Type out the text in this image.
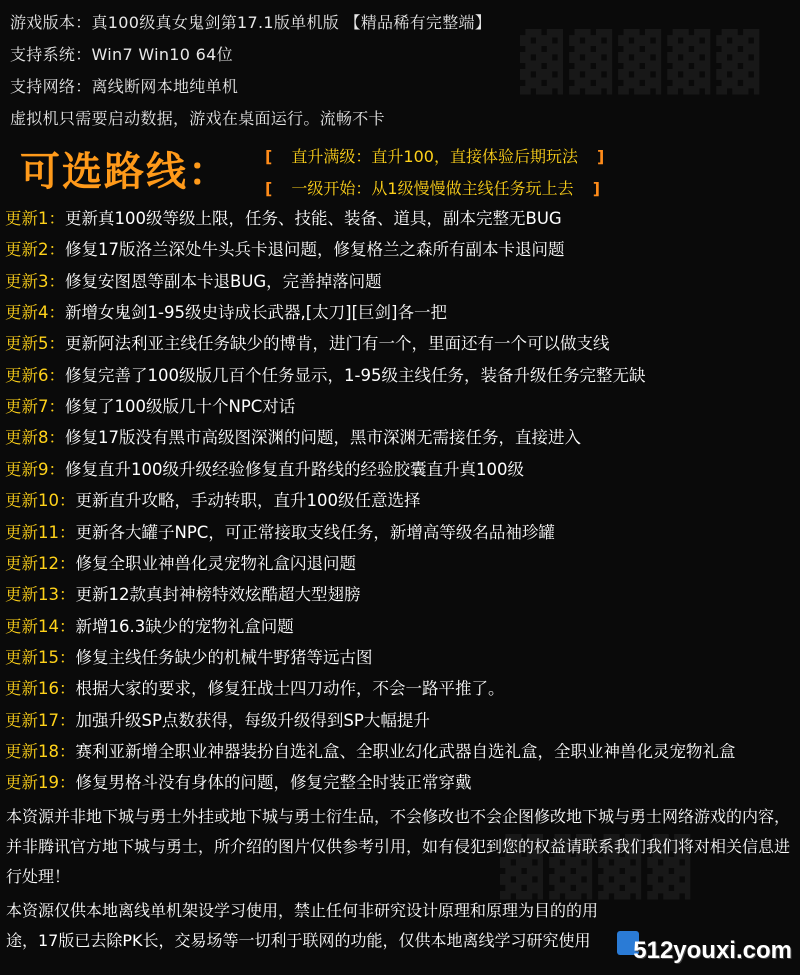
▓▓▓▓▓
▓▓▓▓
游戏版本：真100级真女鬼剑第17.1版单机版 【精品稀有完整端】
支持系统：Win7 Win10 64位
支持网络：离线断网本地纯单机
虚拟机只需要启动数据，游戏在桌面运行。流畅不卡
可选路线： [ 直升满级：直升100，直接体验后期玩法 ]
[ 一级开始：从1级慢慢做主线任务玩上去 ]
更新1：更新真100级等级上限，任务、技能、装备、道具，副本完整无BUG
更新2：修复17版洛兰深处牛头兵卡退问题，修复格兰之森所有副本卡退问题
更新3：修复安图恩等副本卡退BUG，完善掉落问题
更新4：新增女鬼剑1-95级史诗成长武器,[太刀][巨剑]各一把
更新5：更新阿法利亚主线任务缺少的博肯，进门有一个，里面还有一个可以做支线
更新6：修复完善了100级版几百个任务显示，1-95级主线任务，装备升级任务完整无缺
更新7：修复了100级版几十个NPC对话
更新8：修复17版没有黑市高级图深渊的问题，黑市深渊无需接任务，直接进入
更新9：修复直升100级升级经验修复直升路线的经验胶囊直升真100级
更新10：更新直升攻略，手动转职，直升100级任意选择
更新11：更新各大罐子NPC，可正常接取支线任务，新增高等级名品袖珍罐
更新12：修复全职业神兽化灵宠物礼盒闪退问题
更新13：更新12款真封神榜特效炫酷超大型翅膀
更新14：新增16.3缺少的宠物礼盒问题
更新15：修复主线任务缺少的机械牛野猪等远古图
更新16：根据大家的要求，修复狂战士四刀动作，不会一路平推了。
更新17：加强升级SP点数获得，每级升级得到SP大幅提升
更新18：赛利亚新增全职业神器装扮自选礼盒、全职业幻化武器自选礼盒，全职业神兽化灵宠物礼盒
更新19：修复男格斗没有身体的问题，修复完整全时装正常穿戴
本资源并非地下城与勇士外挂或地下城与勇士衍生品，不会修改也不会企图修改地下城与勇士网络游戏的内容，并非腾讯官方地下城与勇士，所介绍的图片仅供参考引用，如有侵犯到您的权益请联系我们我们将对相关信息进行处理！
本资源仅供本地离线单机架设学习使用，禁止任何非研究设计原理和原理为目的的用途，17版已去除PK长，交易场等一切利于联网的功能，仅供本地离线学习研究使用	512youxi.com
